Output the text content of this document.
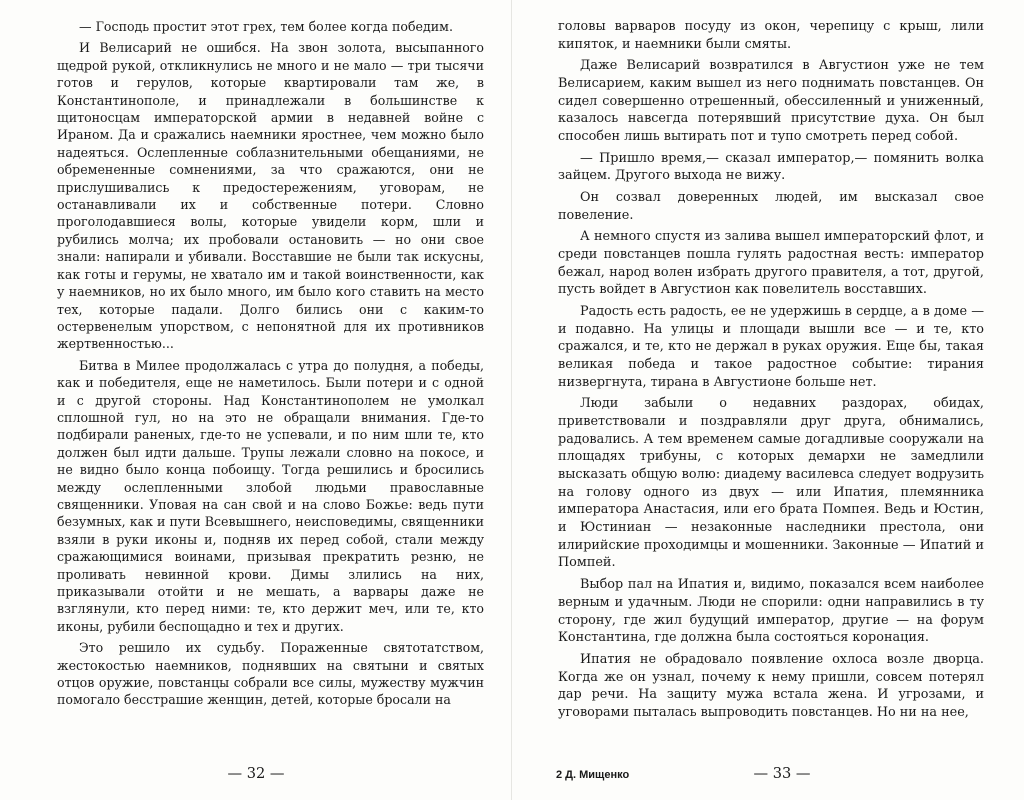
— Господь простит этот грех, тем более когда победим.

И Велисарий не ошибся. На звон золота, высыпанного щедрой рукой, откликнулись не много и не мало — три тысячи готов и герулов, которые квартировали там же, в Константинополе, и принадлежали в большинстве к щитоносцам императорской армии в недавней войне с Ираном. Да и сражались наемники яростнее, чем можно было надеяться. Ослепленные соблазнительными обещаниями, не обремененные сомнениями, за что сражаются, они не прислушивались к предостережениям, уговорам, не останавливали их и собственные потери. Словно проголодавшиеся волы, которые увидели корм, шли и рубились молча; их пробовали остановить — но они свое знали: напирали и убивали. Восставшие не были так искусны, как готы и герумы, не хватало им и такой воинственности, как у наемников, но их было много, им было кого ставить на место тех, которые падали. Долго бились они с каким-то остервенелым упорством, с непонятной для их противников жертвенностью...

Битва в Милее продолжалась с утра до полудня, а победы, как и победителя, еще не наметилось. Были потери и с одной и с другой стороны. Над Константинополем не умолкал сплошной гул, но на это не обращали внимания. Где-то подбирали раненых, где-то не успевали, и по ним шли те, кто должен был идти дальше. Трупы лежали словно на покосе, и не видно было конца побоищу. Тогда решились и бросились между ослепленными злобой людьми православные священники. Уповая на сан свой и на слово Божье: ведь пути безумных, как и пути Всевышнего, неисповедимы, священники взяли в руки иконы и, подняв их перед собой, стали между сражающимися воинами, призывая прекратить резню, не проливать невинной крови. Димы злились на них, приказывали отойти и не мешать, а варвары даже не взглянули, кто перед ними: те, кто держит меч, или те, кто иконы, рубили беспощадно и тех и других.

Это решило их судьбу. Пораженные святотатством, жестокостью наемников, поднявших на святыни и святых отцов оружие, повстанцы собрали все силы, мужеству мужчин помогало бесстрашие женщин, детей, которые бросали на

— 32 —

головы варваров посуду из окон, черепицу с крыш, лили кипяток, и наемники были смяты.

Даже Велисарий возвратился в Августион уже не тем Велисарием, каким вышел из него поднимать повстанцев. Он сидел совершенно отрешенный, обессиленный и униженный, казалось навсегда потерявший присутствие духа. Он был способен лишь вытирать пот и тупо смотреть перед собой.

— Пришло время,— сказал император,— помянить волка зайцем. Другого выхода не вижу.

Он созвал доверенных людей, им высказал свое повеление.

А немного спустя из залива вышел императорский флот, и среди повстанцев пошла гулять радостная весть: император бежал, народ волен избрать другого правителя, а тот, другой, пусть войдет в Августион как повелитель восставших.

Радость есть радость, ее не удержишь в сердце, а в доме — и подавно. На улицы и площади вышли все — и те, кто сражался, и те, кто не держал в руках оружия. Еще бы, такая великая победа и такое радостное событие: тирания низвергнута, тирана в Августионе больше нет.

Люди забыли о недавних раздорах, обидах, приветствовали и поздравляли друг друга, обнимались, радовались. А тем временем самые догадливые сооружали на площадях трибуны, с которых демархи не замедлили высказать общую волю: диадему василевса следует водрузить на голову одного из двух — или Ипатия, племянника императора Анастасия, или его брата Помпея. Ведь и Юстин, и Юстиниан — незаконные наследники престола, они илирийские проходимцы и мошенники. Законные — Ипатий и Помпей.

Выбор пал на Ипатия и, видимо, показался всем наиболее верным и удачным. Люди не спорили: одни направились в ту сторону, где жил будущий император, другие — на форум Константина, где должна была состояться коронация.

Ипатия не обрадовало появление охлоса возле дворца. Когда же он узнал, почему к нему пришли, совсем потерял дар речи. На защиту мужа встала жена. И угрозами, и уговорами пыталась выпроводить повстанцев. Но ни на нее,

2 Д. Мищенко	— 33 —
